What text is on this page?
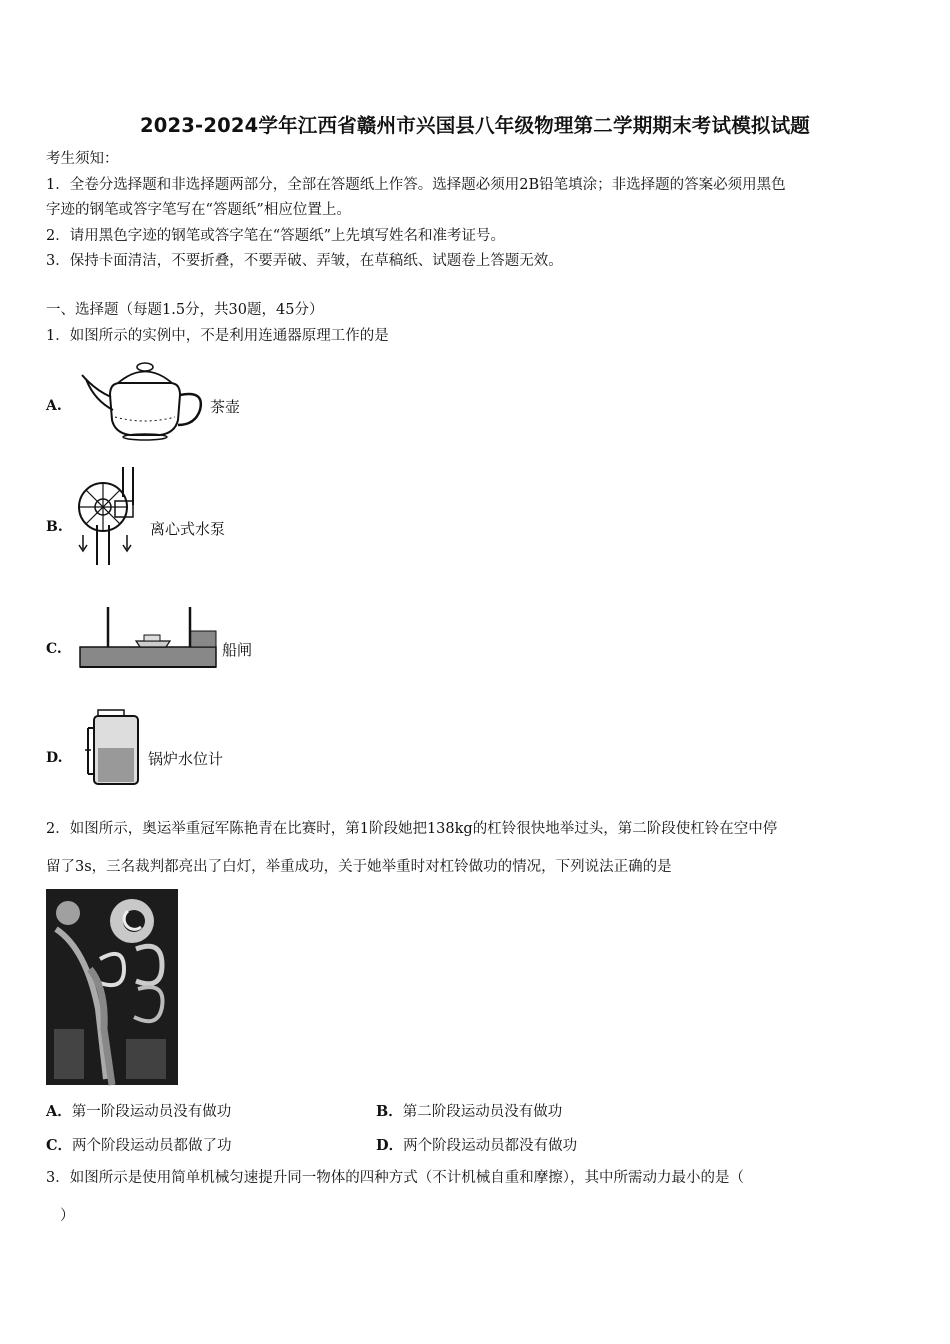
2023-2024学年江西省赣州市兴国县八年级物理第二学期期末考试模拟试题
考生须知：
1．全卷分选择题和非选择题两部分，全部在答题纸上作答。选择题必须用2B铅笔填涂；非选择题的答案必须用黑色
字迹的钢笔或答字笔写在“答题纸”相应位置上。
2．请用黑色字迹的钢笔或答字笔在“答题纸”上先填写姓名和准考证号。
3．保持卡面清洁，不要折叠，不要弄破、弄皱，在草稿纸、试题卷上答题无效。
一、选择题（每题1.5分，共30题，45分）
1．如图所示的实例中，不是利用连通器原理工作的是
A.	茶壶
B.	离心式水泵
C.	船闸
D.	锅炉水位计
2．如图所示，奥运举重冠军陈艳青在比赛时，第1阶段她把138kg的杠铃很快地举过头，第二阶段使杠铃在空中停
留了3s，三名裁判都亮出了白灯，举重成功，关于她举重时对杠铃做功的情况，下列说法正确的是
A．第一阶段运动员没有做功	B．第二阶段运动员没有做功
C．两个阶段运动员都做了功	D．两个阶段运动员都没有做功
3．如图所示是使用简单机械匀速提升同一物体的四种方式（不计机械自重和摩擦），其中所需动力最小的是（
）
